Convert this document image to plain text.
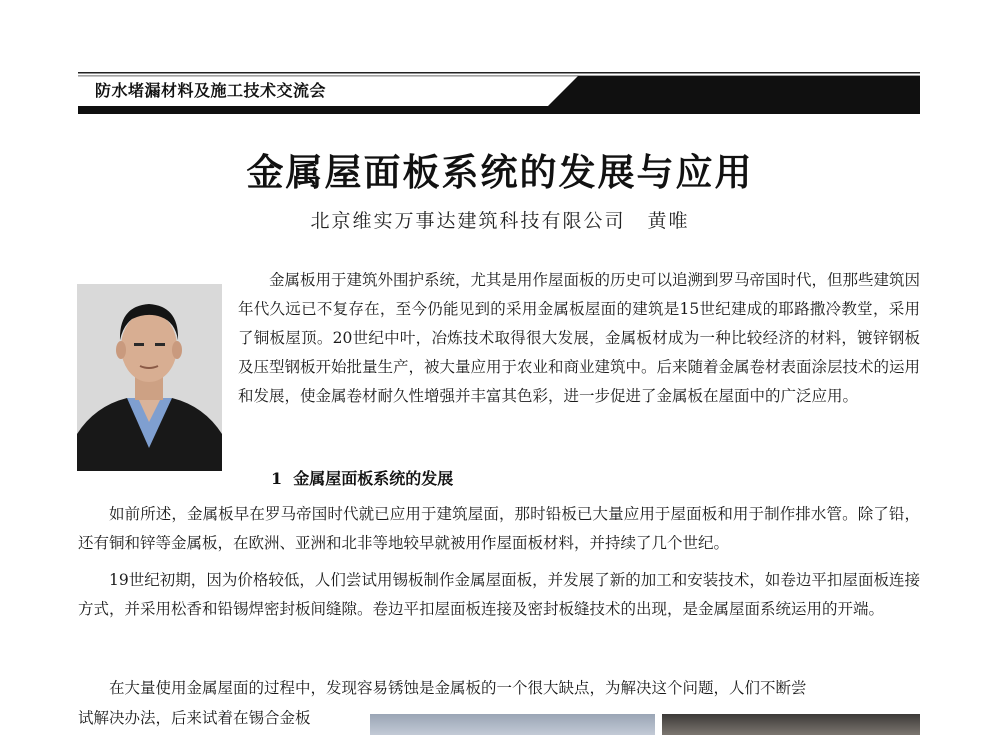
防水堵漏材料及施工技术交流会
金属屋面板系统的发展与应用
北京维实万事达建筑科技有限公司 黄唯

金属板用于建筑外围护系统，尤其是用作屋面板的历史可以追溯到罗马帝国时代，但那些建筑因年代久远已不复存在，至今仍能见到的采用金属板屋面的建筑是15世纪建成的耶路撒冷教堂，采用了铜板屋顶。20世纪中叶，冶炼技术取得很大发展，金属板材成为一种比较经济的材料，镀锌钢板及压型钢板开始批量生产，被大量应用于农业和商业建筑中。后来随着金属卷材表面涂层技术的运用和发展，使金属卷材耐久性增强并丰富其色彩，进一步促进了金属板在屋面中的广泛应用。

1  金属屋面板系统的发展

如前所述，金属板早在罗马帝国时代就已应用于建筑屋面，那时铅板已大量应用于屋面板和用于制作排水管。除了铅，还有铜和锌等金属板，在欧洲、亚洲和北非等地较早就被用作屋面板材料，并持续了几个世纪。

19世纪初期，因为价格较低，人们尝试用锡板制作金属屋面板，并发展了新的加工和安装技术，如卷边平扣屋面板连接方式，并采用松香和铅锡焊密封板间缝隙。卷边平扣屋面板连接及密封板缝技术的出现，是金属屋面系统运用的开端。

在大量使用金属屋面的过程中，发现容易锈蚀是金属板的一个很大缺点，为解决这个问题，人们不断尝

试解决办法，后来试着在锡合金板
